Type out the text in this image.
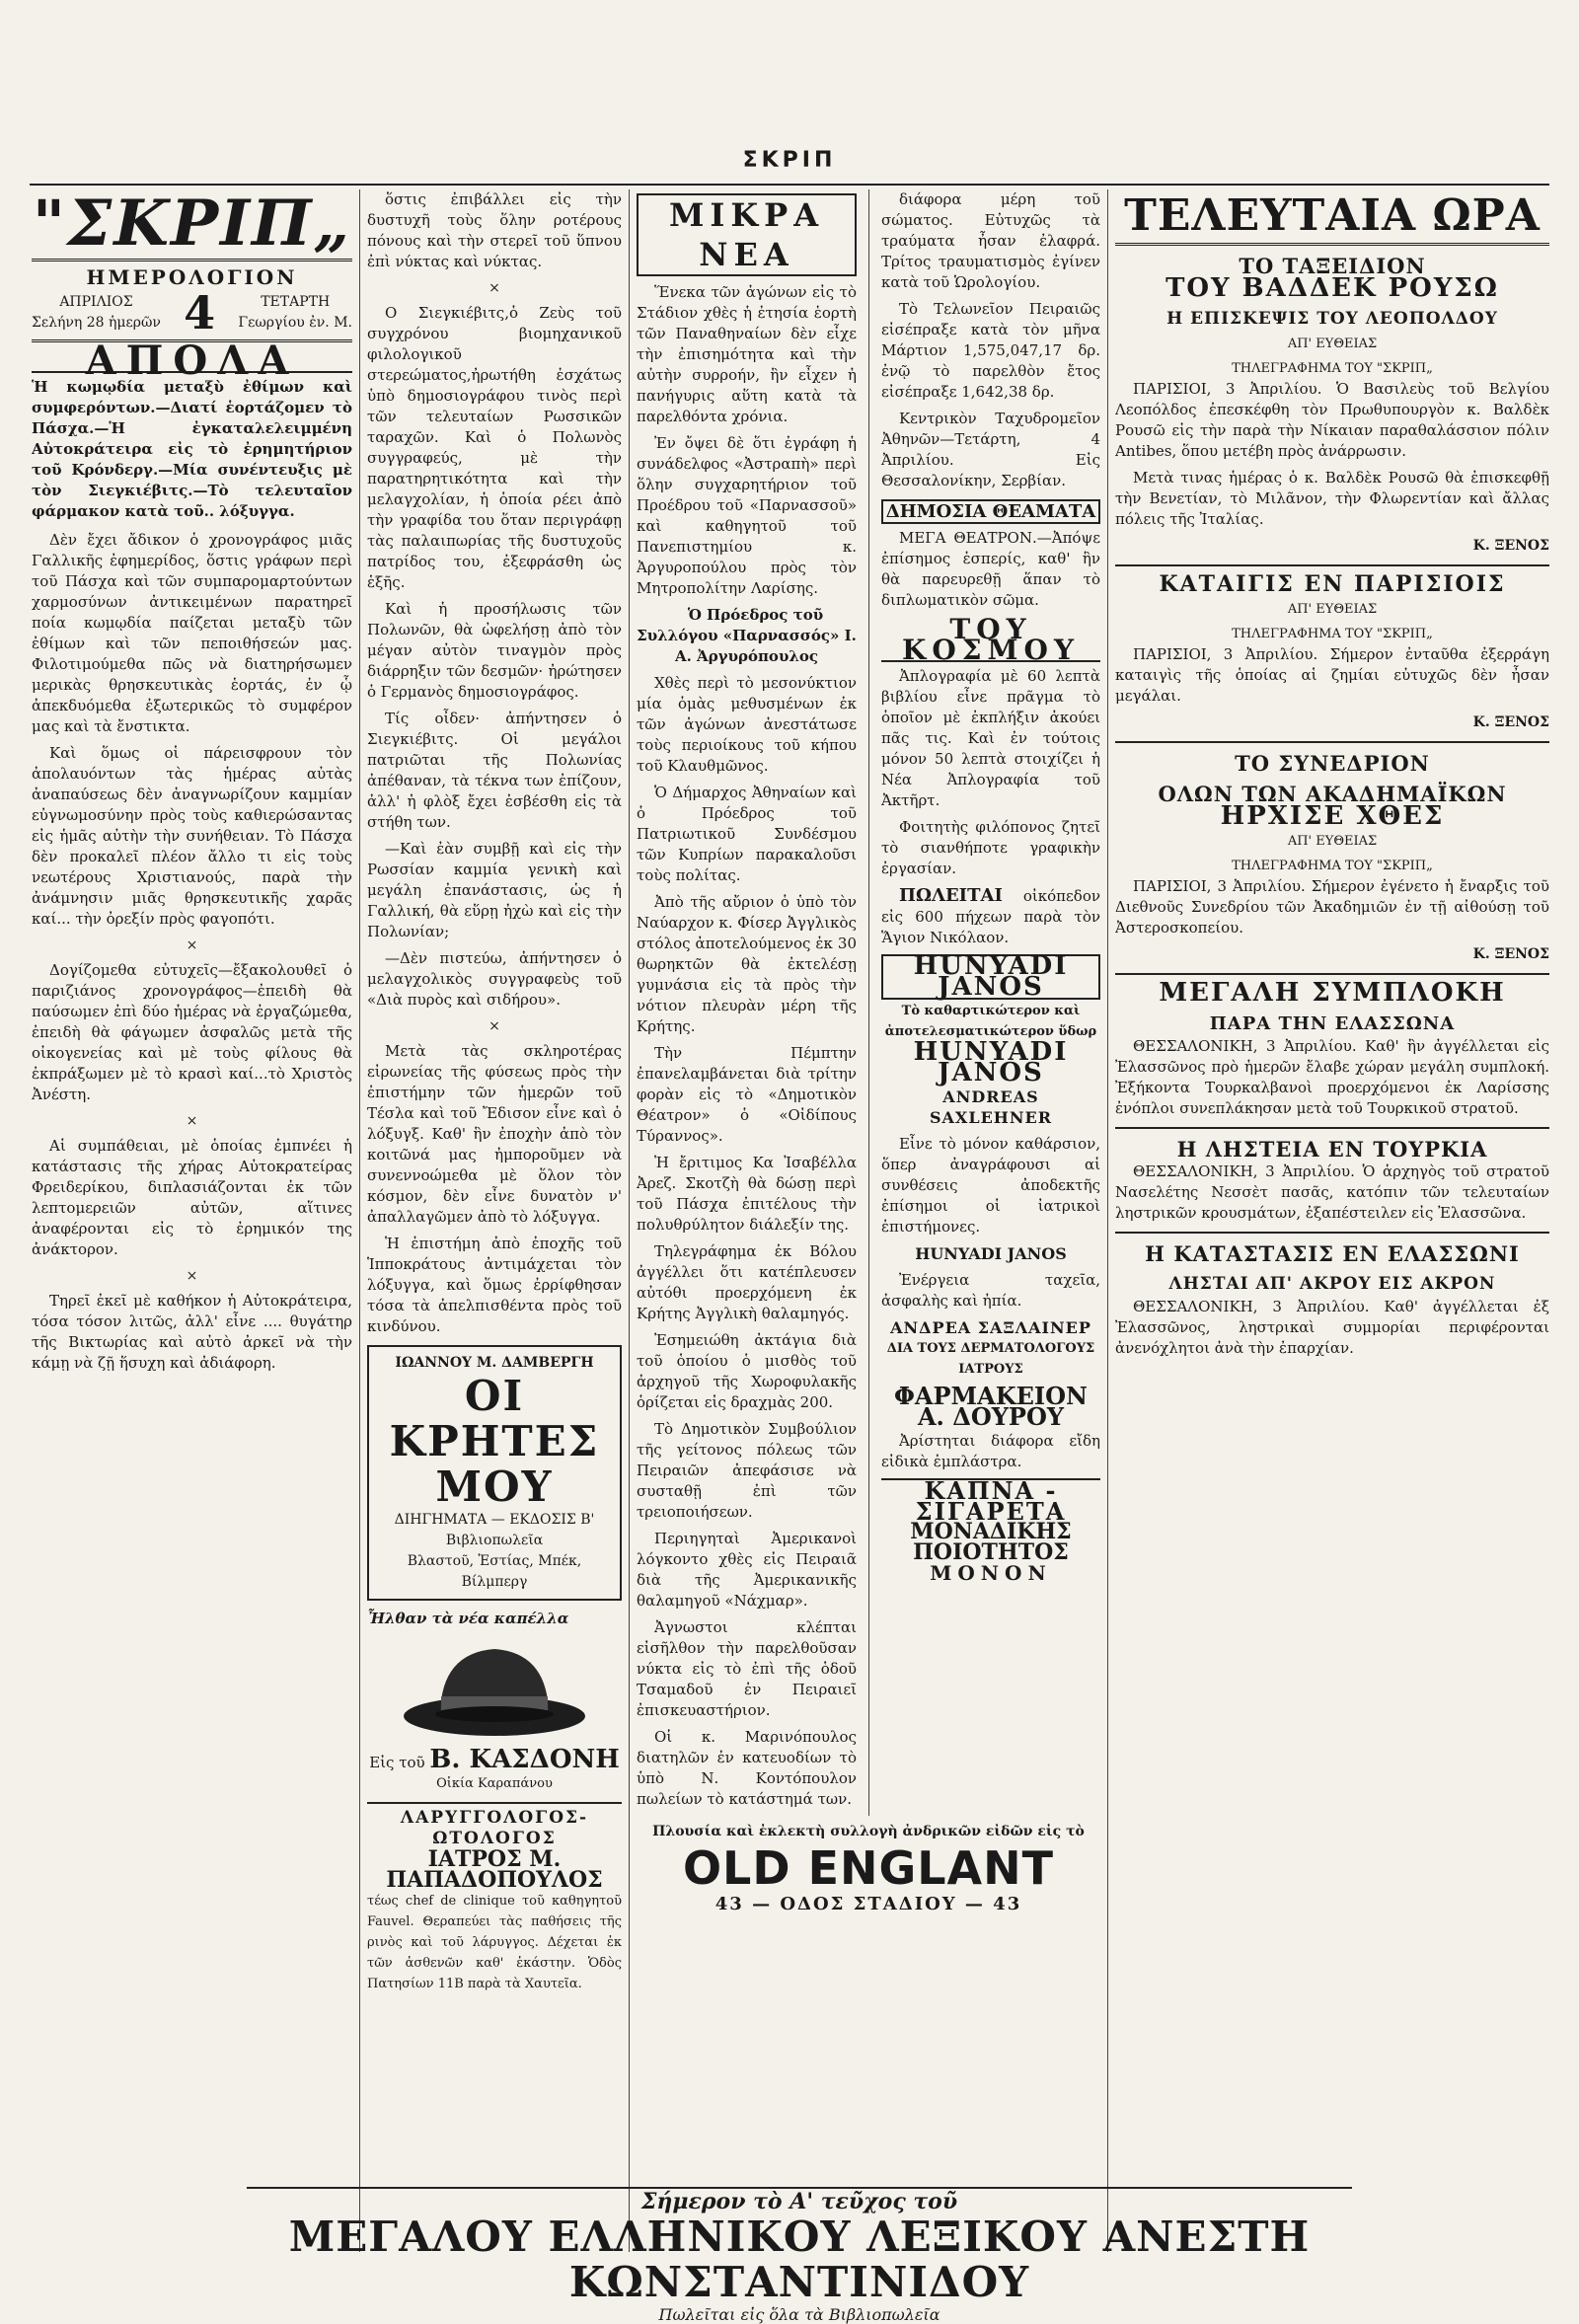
ΣΚΡΙΠ
"ΣΚΡΙΠ„
ΗΜΕΡΟΛΟΓΙΟΝ
ΑΠΡΙΛΙΟΣ
Σελήνη 28 ἡμερῶν 4	ΤΕΤΑΡΤΗ
Γεωργίου ἐν. Μ.
ΑΠΟΛΑ
Ἡ κωμῳδία μεταξὺ ἐθίμων καὶ συμφερόντων.—Διατί ἑορτάζομεν τὸ Πάσχα.—Ἡ ἐγκαταλελειμμένη Αὐτοκράτειρα εἰς τὸ ἐρημητήριον τοῦ Κρόνδεργ.—Μία συνέντευξις μὲ τὸν Σιεγκιέβιτς.—Τὸ τελευταῖον φάρμακον κατὰ τοῦ.. λόξυγγα.

Δὲν ἔχει ἄδικον ὁ χρονογράφος μιᾶς Γαλλικῆς ἐφημερίδος, ὅστις γράφων περὶ τοῦ Πάσχα καὶ τῶν συμπαρομαρτούντων χαρμοσύνων ἀντικειμένων παρατηρεῖ ποία κωμῳδία παίζεται μεταξὺ τῶν ἐθίμων καὶ τῶν πεποιθήσεών μας. Φιλοτιμούμεθα πῶς νὰ διατηρήσωμεν μερικὰς θρησκευτικὰς ἑορτάς, ἐν ᾧ ἀπεκδυόμεθα ἐξωτερικῶς τὸ συμφέρον μας καὶ τὰ ἔνστικτα.

Καὶ ὅμως οἱ πάρεισφρουν τὸν ἀπολαυόντων τὰς ἡμέρας αὐτὰς ἀναπαύσεως δὲν ἀναγνωρίζουν καμμίαν εὐγνωμοσύνην πρὸς τοὺς καθιερώσαντας εἰς ἡμᾶς αὐτὴν τὴν συνήθειαν. Τὸ Πάσχα δὲν προκαλεῖ πλέον ἄλλο τι εἰς τοὺς νεωτέρους Χριστιανούς, παρὰ τὴν ἀνάμνησιν μιᾶς θρησκευτικῆς χαρᾶς καί... τὴν ὀρεξίν πρὸς φαγοπότι.

×

Δογίζομεθα εὐτυχεῖς—ἔξακολουθεῖ ὁ παριζιάνος χρονογράφος—ἐπειδὴ θὰ παύσωμεν ἐπὶ δύο ἡμέρας νὰ ἐργαζώμεθα, ἐπειδὴ θὰ φάγωμεν ἀσφαλῶς μετὰ τῆς οἰκογενείας καὶ μὲ τοὺς φίλους θὰ ἐκπράξωμεν μὲ τὸ κρασὶ καί...τὸ Χριστὸς Ἀνέστη.

×

Αἱ συμπάθειαι, μὲ ὁποίας ἐμπνέει ἡ κατάστασις τῆς χήρας Αὐτοκρατείρας Φρειδερίκου, διπλασιάζονται ἐκ τῶν λεπτομερειῶν αὐτῶν, αἵτινες ἀναφέρονται εἰς τὸ ἐρημικόν της ἀνάκτορον.

×

Τηρεῖ ἐκεῖ μὲ καθήκον ἡ Αὐτοκράτειρα, τόσα τόσον λιτῶς, ἀλλ' εἶνε .... θυγάτηρ τῆς Βικτωρίας καὶ αὐτὸ ἀρκεῖ νὰ τὴν κάμῃ νὰ ζῇ ἥσυχη καὶ ἀδιάφορη.

ὅστις ἐπιβάλλει εἰς τὴν δυστυχῆ τοὺς ὅλην ροτέρους πόνους καὶ τὴν στερεῖ τοῦ ὕπνου ἐπὶ νύκτας καὶ νύκτας.

×

Ο Σιεγκιέβιτς,ὁ Ζεὺς τοῦ συγχρόνου βιομηχανικοῦ φιλολογικοῦ στερεώματος,ἠρωτήθη ἐσχάτως ὑπὸ δημοσιογράφου τινὸς περὶ τῶν τελευταίων Ρωσσικῶν ταραχῶν. Καὶ ὁ Πολωνὸς συγγραφεύς, μὲ τὴν παρατηρητικότητα καὶ τὴν μελαγχολίαν, ἡ ὁποία ρέει ἀπὸ τὴν γραφίδα του ὅταν περιγράφῃ τὰς παλαιπωρίας τῆς δυστυχοῦς πατρίδος του, ἐξεφράσθη ὡς ἑξῆς.

Καὶ ἡ προσήλωσις τῶν Πολωνῶν, θὰ ὠφελήσῃ ἀπὸ τὸν μέγαν αὐτὸν τιναγμὸν πρὸς διάρρηξιν τῶν δεσμῶν· ἠρώτησεν ὁ Γερμανὸς δημοσιογράφος.

Τίς οἶδεν· ἀπήντησεν ὁ Σιεγκιέβιτς. Οἱ μεγάλοι πατριῶται τῆς Πολωνίας ἀπέθαναν, τὰ τέκνα των ἐπίζουν, ἀλλ' ἡ φλὸξ ἔχει ἐσβέσθη εἰς τὰ στήθη των.

—Καὶ ἐὰν συμβῇ καὶ εἰς τὴν Ρωσσίαν καμμία γενικὴ καὶ μεγάλη ἐπανάστασις, ὡς ἡ Γαλλική, θὰ εὕρῃ ἠχὼ καὶ εἰς τὴν Πολωνίαν;

—Δὲν πιστεύω, ἀπήντησεν ὁ μελαγχολικὸς συγγραφεὺς τοῦ «Διὰ πυρὸς καὶ σιδήρου».

×

Μετὰ τὰς σκληροτέρας εἰρωνείας τῆς φύσεως πρὸς τὴν ἐπιστήμην τῶν ἡμερῶν τοῦ Τέσλα καὶ τοῦ Ἔδισον εἶνε καὶ ὁ λόξυγξ. Καθ' ἣν ἐποχὴν ἀπὸ τὸν κοιτῶνά μας ἠμποροῦμεν νὰ συνεννοώμεθα μὲ ὅλον τὸν κόσμον, δὲν εἶνε δυνατὸν ν' ἀπαλλαγῶμεν ἀπὸ τὸ λόξυγγα.

Ἡ ἐπιστήμη ἀπὸ ἐποχῆς τοῦ Ἱπποκράτους ἀντιμάχεται τὸν λόξυγγα, καὶ ὅμως ἐρρίφθησαν τόσα τὰ ἀπελπισθέντα πρὸς τοῦ κινδύνου.

ΙΩΑΝΝΟΥ Μ. ΔΑΜΒΕΡΓΗ
ΟΙ ΚΡΗΤΕΣ ΜΟΥ
ΔΙΗΓΗΜΑΤΑ — ΕΚΔΟΣΙΣ Β'
Βιβλιοπωλεῖα
Βλαστοῦ, Ἑστίας, Μπέκ, Βίλμπεργ
Ἦλθαν τὰ νέα καπέλλα
Εἰς τοῦ Β. ΚΑΣΔΟΝΗ
Οἰκία Καραπάνου
ΛΑΡΥΓΓΟΛΟΓΟΣ-ΩΤΟΛΟΓΟΣ
ΙΑΤΡΟΣ Μ. ΠΑΠΑΔΟΠΟΥΛΟΣ
τέως chef de clinique τοῦ καθηγητοῦ Fauvel. Θεραπεύει τὰς παθήσεις τῆς ρινὸς καὶ τοῦ λάρυγγος. Δέχεται ἐκ τῶν ἀσθενῶν καθ' ἑκάστην. Ὁδὸς Πατησίων 11Β παρὰ τὰ Χαυτεῖα.
ΜΙΚΡΑ ΝΕΑ

Ἕνεκα τῶν ἀγώνων εἰς τὸ Στάδιον χθὲς ἡ ἐτησία ἑορτὴ τῶν Παναθηναίων δὲν εἶχε τὴν ἐπισημότητα καὶ τὴν αὐτὴν συρροήν, ἣν εἶχεν ἡ πανήγυρις αὕτη κατὰ τὰ παρελθόντα χρόνια.

Ἐν ὄψει δὲ ὅτι ἐγράφη ἡ συνάδελφος «Ἀστραπὴ» περὶ ὅλην συγχαρητήριον τοῦ Προέδρου τοῦ «Παρνασσοῦ» καὶ καθηγητοῦ τοῦ Πανεπιστημίου κ. Ἀργυροπούλου πρὸς τὸν Μητροπολίτην Λαρίσης.

Ὁ Πρόεδρος τοῦ Συλλόγου «Παρνασσός» Ι. Α. Ἀργυρόπουλος

Χθὲς περὶ τὸ μεσονύκτιον μία ὁμὰς μεθυσμένων ἐκ τῶν ἀγώνων ἀνεστάτωσε τοὺς περιοίκους τοῦ κήπου τοῦ Κλαυθμῶνος.

Ὁ Δήμαρχος Ἀθηναίων καὶ ὁ Πρόεδρος τοῦ Πατριωτικοῦ Συνδέσμου τῶν Κυπρίων παρακαλοῦσι τοὺς πολίτας.

Ἀπὸ τῆς αὔριον ὁ ὑπὸ τὸν Ναύαρχον κ. Φίσερ Ἀγγλικὸς στόλος ἀποτελούμενος ἐκ 30 θωρηκτῶν θὰ ἐκτελέσῃ γυμνάσια εἰς τὰ πρὸς τὴν νότιον πλευρὰν μέρη τῆς Κρήτης.

Τὴν Πέμπτην ἐπανελαμβάνεται διὰ τρίτην φορὰν εἰς τὸ «Δημοτικὸν Θέατρον» ὁ «Οἰδίπους Τύραννος».

Ἡ ἔριτιμος Κα Ἰσαβέλλα Ἀρεζ. Σκοτζὴ θὰ δώσῃ περὶ τοῦ Πάσχα ἐπιτέλους τὴν πολυθρύλητον διάλεξίν της.

Τηλεγράφημα ἐκ Βόλου ἀγγέλλει ὅτι κατέπλευσεν αὐτόθι προερχόμενη ἐκ Κρήτης Ἀγγλικὴ θαλαμηγός.

Ἐσημειώθη ἀκτάγια διὰ τοῦ ὁποίου ὁ μισθὸς τοῦ ἀρχηγοῦ τῆς Χωροφυλακῆς ὁρίζεται εἰς δραχμὰς 200.

Τὸ Δημοτικὸν Συμβούλιον τῆς γείτονος πόλεως τῶν Πειραιῶν ἀπεφάσισε νὰ συσταθῇ ἐπὶ τῶν τρειοποιήσεων.

Περιηγηταὶ Ἀμερικανοὶ λόγκοντο χθὲς εἰς Πειραιᾶ διὰ τῆς Ἀμερικανικῆς θαλαμηγοῦ «Νάχμαρ».

Ἀγνωστοι κλέπται εἰσῆλθον τὴν παρελθοῦσαν νύκτα εἰς τὸ ἐπὶ τῆς ὁδοῦ Τσαμαδοῦ ἐν Πειραιεῖ ἐπισκευαστήριον.

Οἱ κ. Μαρινόπουλος διατηλῶν ἐν κατευοδίων τὸ ὑπὸ Ν. Κοντόπουλον πωλείων τὸ κατάστημά των.

διάφορα μέρη τοῦ σώματος. Εὐτυχῶς τὰ τραύματα ἦσαν ἐλαφρά. Τρίτος τραυματισμὸς ἐγίνεν κατὰ τοῦ Ὡρολογίου.

Τὸ Τελωνεῖον Πειραιῶς εἰσέπραξε κατὰ τὸν μῆνα Μάρτιον 1,575,047,17 δρ. ἐνῷ τὸ παρελθὸν ἔτος εἰσέπραξε 1,642,38 δρ.

Κεντρικὸν Ταχυδρομεῖον Ἀθηνῶν—Τετάρτη, 4 Ἀπριλίου. Εἰς Θεσσαλονίκην, Σερβίαν.

ΔΗΜΟΣΙΑ ΘΕΑΜΑΤΑ

ΜΕΓΑ ΘΕΑΤΡΟΝ.—Ἀπόψε ἐπίσημος ἑσπερίς, καθ' ἣν θὰ παρευρεθῇ ἅπαν τὸ διπλωματικὸν σῶμα.

ΤΟΥ ΚΟΣΜΟΥ

Ἀπλογραφία μὲ 60 λεπτὰ βιβλίου εἶνε πρᾶγμα τὸ ὁποῖον μὲ ἐκπλήξιν ἀκούει πᾶς τις. Καὶ ἐν τούτοις μόνον 50 λεπτὰ στοιχίζει ἡ Νέα Ἀπλογραφία τοῦ Ἀκτῆρτ.

Φοιτητὴς φιλόπονος ζητεῖ τὸ σιανθήποτε γραφικὴν ἐργασίαν.

ΠΩΛΕΙΤΑΙ οἰκόπεδον εἰς 600 πήχεων παρὰ τὸν Ἅγιον Νικόλαον.

HUNYADI JANOS
Τὸ καθαρτικώτερον καὶ ἀποτελεσματικώτερον ὕδωρ
HUNYADI JANOS
ANDREAS SAXLEHNER

Εἶνε τὸ μόνον καθάρσιον, ὅπερ ἀναγράφουσι αἱ συνθέσεις ἀποδεκτῆς ἐπίσημοι οἱ ἰατρικοὶ ἐπιστήμονες.

HUNYADI JANOS

Ἐνέργεια ταχεῖα, ἀσφαλὴς καὶ ἠπία.

ΑΝΔΡΕΑ ΣΑΞΛΑΙΝΕΡ
ΔΙΑ ΤΟΥΣ ΔΕΡΜΑΤΟΛΟΓΟΥΣ ΙΑΤΡΟΥΣ
ΦΑΡΜΑΚΕΙΟΝ Α. ΔΟΥΡΟΥ

Ἀρίστηται διάφορα εἴδη εἰδικὰ ἐμπλάστρα.

ΚΑΠΝΑ - ΣΙΓΑΡΕΤΑ
ΜΟΝΑΔΙΚΗΣ ΠΟΙΟΤΗΤΟΣ
ΜΟΝΟΝ
Πλουσία καὶ ἐκλεκτὴ συλλογὴ ἀνδρικῶν εἰδῶν εἰς τὸ
OLD ENGLANT
43 — ΟΔΟΣ ΣΤΑΔΙΟΥ — 43
ΤΕΛΕΥΤΑΙΑ ΩΡΑ
ΤΟ ΤΑΞΕΙΔΙΟΝ
ΤΟΥ ΒΑΔΔΕΚ ΡΟΥΣΩ
Η ΕΠΙΣΚΕΨΙΣ ΤΟΥ ΛΕΟΠΟΛΔΟΥ
ΑΠ' ΕΥΘΕΙΑΣ
ΤΗΛΕΓΡΑΦΗΜΑ ΤΟΥ "ΣΚΡΙΠ„

ΠΑΡΙΣΙΟΙ, 3 Ἀπριλίου. Ὁ Βασιλεὺς τοῦ Βελγίου Λεοπόλδος ἐπεσκέφθη τὸν Πρωθυπουργὸν κ. Βαλδὲκ Ρουσῶ εἰς τὴν παρὰ τὴν Νίκαιαν παραθαλάσσιον πόλιν Antibes, ὅπου μετέβη πρὸς ἀνάρρωσιν.

Μετὰ τινας ἡμέρας ὁ κ. Βαλδὲκ Ρουσῶ θὰ ἐπισκεφθῇ τὴν Βενετίαν, τὸ Μιλᾶνον, τὴν Φλωρεντίαν καὶ ἄλλας πόλεις τῆς Ἰταλίας.

Κ. ΞΕΝΟΣ
ΚΑΤΑΙΓΙΣ ΕΝ ΠΑΡΙΣΙΟΙΣ
ΑΠ' ΕΥΘΕΙΑΣ
ΤΗΛΕΓΡΑΦΗΜΑ ΤΟΥ "ΣΚΡΙΠ„

ΠΑΡΙΣΙΟΙ, 3 Ἀπριλίου. Σήμερον ἐνταῦθα ἐξερράγη καταιγὶς τῆς ὁποίας αἱ ζημίαι εὐτυχῶς δὲν ἦσαν μεγάλαι.

Κ. ΞΕΝΟΣ
ΤΟ ΣΥΝΕΔΡΙΟΝ
ΟΛΩΝ ΤΩΝ ΑΚΑΔΗΜΑΪΚΩΝ
ΗΡΧΙΣΕ ΧΘΕΣ
ΑΠ' ΕΥΘΕΙΑΣ
ΤΗΛΕΓΡΑΦΗΜΑ ΤΟΥ "ΣΚΡΙΠ„

ΠΑΡΙΣΙΟΙ, 3 Ἀπριλίου. Σήμερον ἐγένετο ἡ ἔναρξις τοῦ Διεθνοῦς Συνεδρίου τῶν Ἀκαδημιῶν ἐν τῇ αἰθούσῃ τοῦ Ἀστεροσκοπείου.

Κ. ΞΕΝΟΣ
ΜΕΓΑΛΗ ΣΥΜΠΛΟΚΗ
ΠΑΡΑ ΤΗΝ ΕΛΑΣΣΩΝΑ

ΘΕΣΣΑΛΟΝΙΚΗ, 3 Ἀπριλίου. Καθ' ἣν ἀγγέλλεται εἰς Ἐλασσῶνος πρὸ ἡμερῶν ἔλαβε χώραν μεγάλη συμπλοκή. Ἐξήκοντα Τουρκαλβανοὶ προερχόμενοι ἐκ Λαρίσσης ἐνόπλοι συνεπλάκησαν μετὰ τοῦ Τουρκικοῦ στρατοῦ.

Η ΛΗΣΤΕΙΑ ΕΝ ΤΟΥΡΚΙΑ

ΘΕΣΣΑΛΟΝΙΚΗ, 3 Ἀπριλίου. Ὁ ἀρχηγὸς τοῦ στρατοῦ Νασελέτης Νεσσὲτ πασᾶς, κατόπιν τῶν τελευταίων ληστρικῶν κρουσμάτων, ἐξαπέστειλεν εἰς Ἐλασσῶνα.

Η ΚΑΤΑΣΤΑΣΙΣ ΕΝ ΕΛΑΣΣΩΝΙ
ΛΗΣΤΑΙ ΑΠ' ΑΚΡΟΥ ΕΙΣ ΑΚΡΟΝ

ΘΕΣΣΑΛΟΝΙΚΗ, 3 Ἀπριλίου. Καθ' ἀγγέλλεται ἐξ Ἐλασσῶνος, ληστρικαὶ συμμορίαι περιφέρονται ἀνενόχλητοι ἀνὰ τὴν ἐπαρχίαν.

Σήμερον τὸ Α' τεῦχος τοῦ
ΜΕΓΑΛΟΥ ΕΛΛΗΝΙΚΟΥ ΛΕΞΙΚΟΥ ΑΝΕΣΤΗ ΚΩΝΣΤΑΝΤΙΝΙΔΟΥ
Πωλεῖται εἰς ὅλα τὰ Βιβλιοπωλεῖα
